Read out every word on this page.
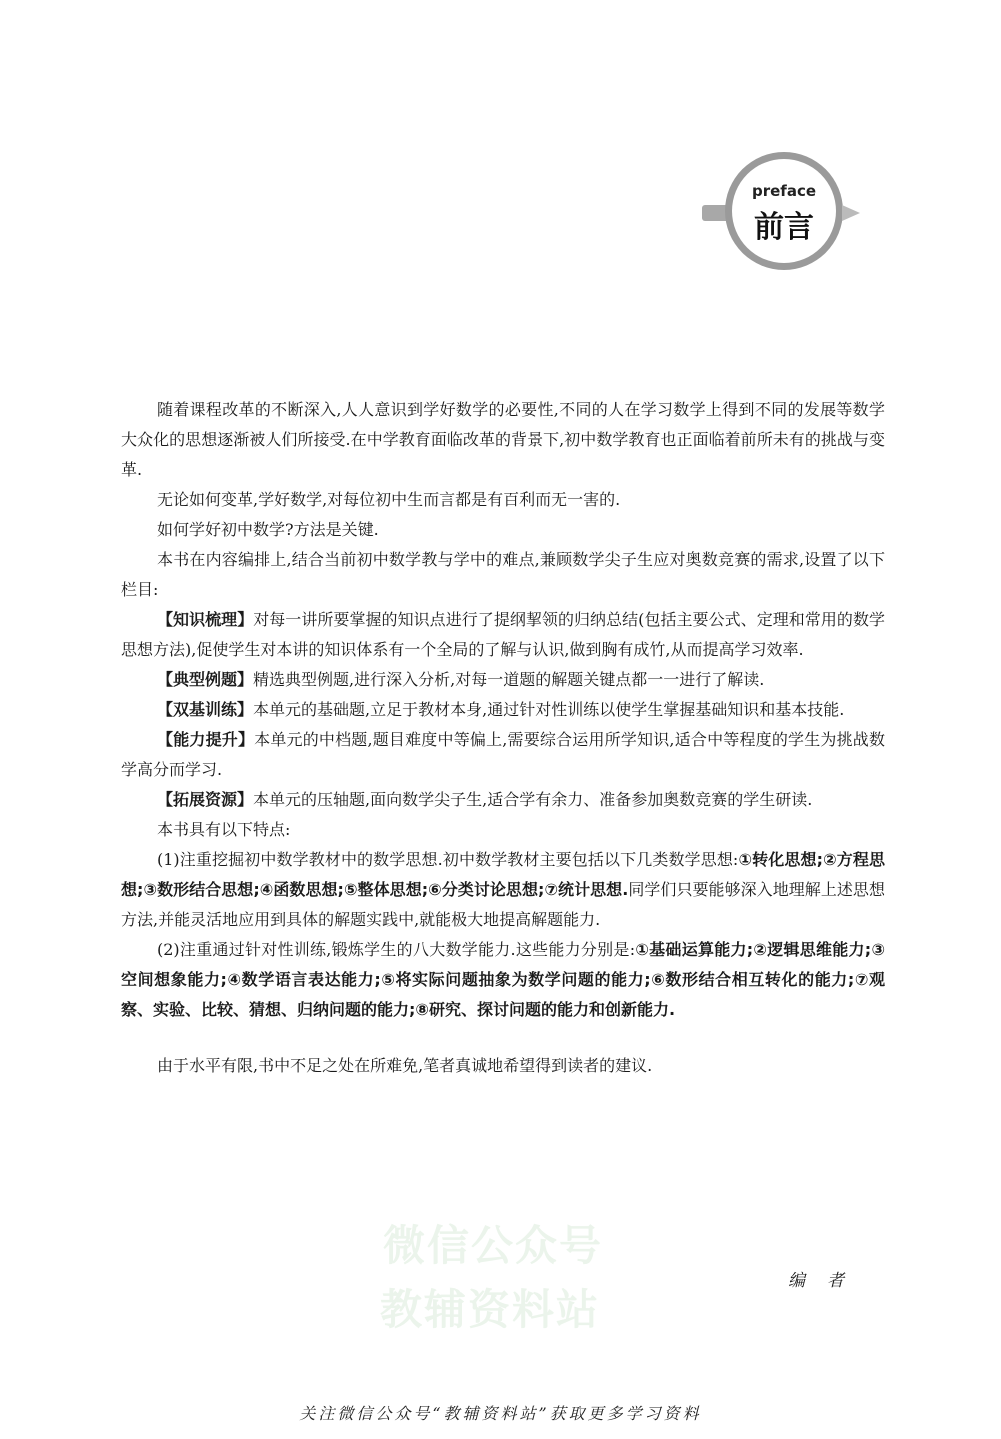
preface
前言
微信公众号
教辅资料站

随着课程改革的不断深入,人人意识到学好数学的必要性,不同的人在学习数学上得到不同的发展等数学大众化的思想逐渐被人们所接受.在中学教育面临改革的背景下,初中数学教育也正面临着前所未有的挑战与变革.

无论如何变革,学好数学,对每位初中生而言都是有百利而无一害的.

如何学好初中数学?方法是关键.

本书在内容编排上,结合当前初中数学教与学中的难点,兼顾数学尖子生应对奥数竞赛的需求,设置了以下栏目:

【知识梳理】对每一讲所要掌握的知识点进行了提纲挈领的归纳总结(包括主要公式、定理和常用的数学思想方法),促使学生对本讲的知识体系有一个全局的了解与认识,做到胸有成竹,从而提高学习效率.

【典型例题】精选典型例题,进行深入分析,对每一道题的解题关键点都一一进行了解读.

【双基训练】本单元的基础题,立足于教材本身,通过针对性训练以使学生掌握基础知识和基本技能.

【能力提升】本单元的中档题,题目难度中等偏上,需要综合运用所学知识,适合中等程度的学生为挑战数学高分而学习.

【拓展资源】本单元的压轴题,面向数学尖子生,适合学有余力、准备参加奥数竞赛的学生研读.

本书具有以下特点:

(1)注重挖掘初中数学教材中的数学思想.初中数学教材主要包括以下几类数学思想:①转化思想;②方程思想;③数形结合思想;④函数思想;⑤整体思想;⑥分类讨论思想;⑦统计思想.同学们只要能够深入地理解上述思想方法,并能灵活地应用到具体的解题实践中,就能极大地提高解题能力.

(2)注重通过针对性训练,锻炼学生的八大数学能力.这些能力分别是:①基础运算能力;②逻辑思维能力;③空间想象能力;④数学语言表达能力;⑤将实际问题抽象为数学问题的能力;⑥数形结合相互转化的能力;⑦观察、实验、比较、猜想、归纳问题的能力;⑧研究、探讨问题的能力和创新能力.

由于水平有限,书中不足之处在所难免,笔者真诚地希望得到读者的建议.

编者
关注微信公众号“教辅资料站”获取更多学习资料
